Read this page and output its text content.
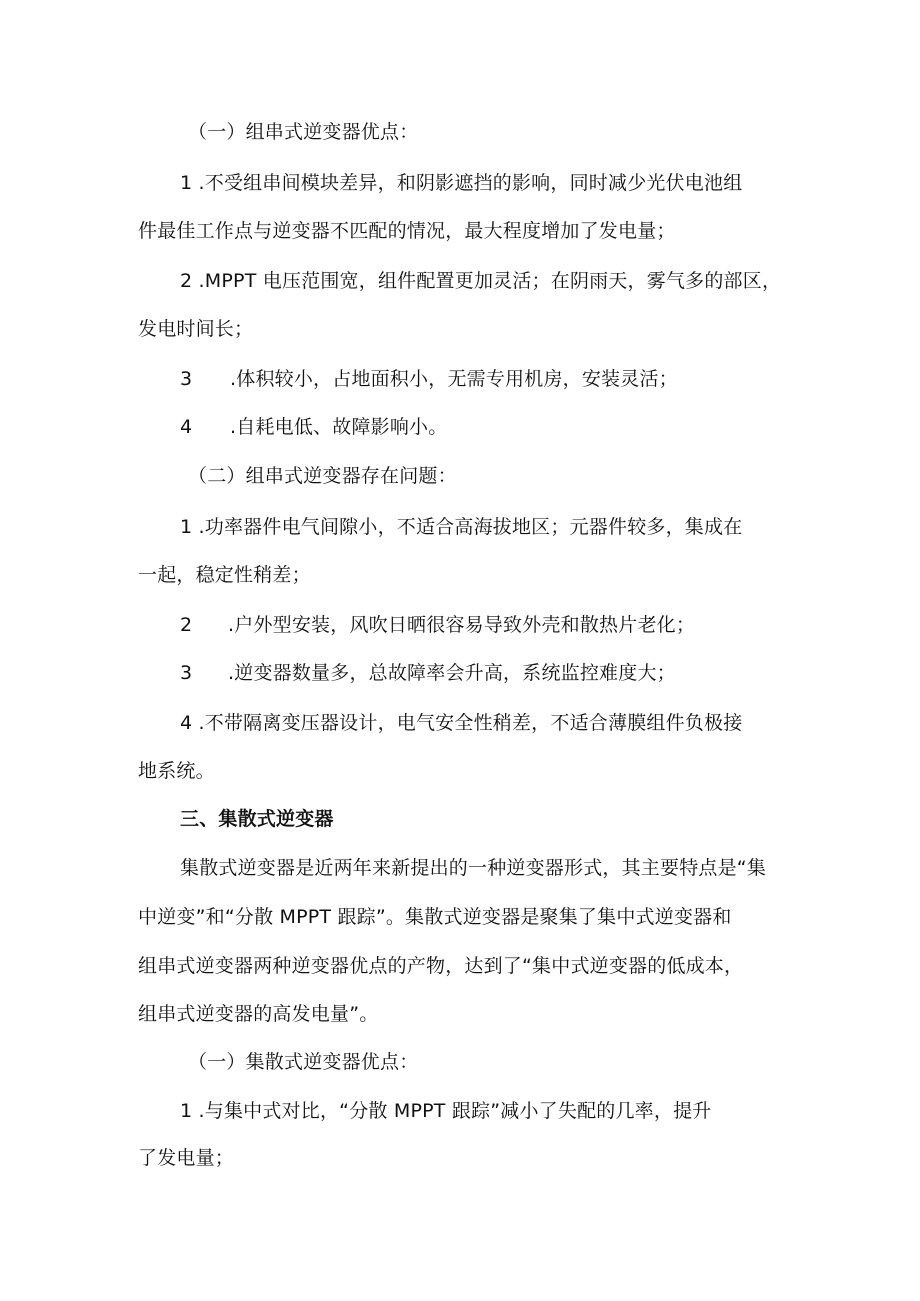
（一）组串式逆变器优点：
1 .不受组串间模块差异，和阴影遮挡的影响，同时减少光伏电池组
件最佳工作点与逆变器不匹配的情况，最大程度增加了发电量；
2 .MPPT 电压范围宽，组件配置更加灵活；在阴雨天，雾气多的部区，
发电时间长；
3 .体积较小，占地面积小，无需专用机房，安装灵活；
4 .自耗电低、故障影响小。
（二）组串式逆变器存在问题：
1 .功率器件电气间隙小，不适合高海拔地区；元器件较多，集成在
一起，稳定性稍差；
2 .户外型安装，风吹日晒很容易导致外壳和散热片老化；
3 .逆变器数量多，总故障率会升高，系统监控难度大；
4 .不带隔离变压器设计，电气安全性稍差，不适合薄膜组件负极接
地系统。
三、集散式逆变器
集散式逆变器是近两年来新提出的一种逆变器形式，其主要特点是“集
中逆变”和“分散 MPPT 跟踪”。集散式逆变器是聚集了集中式逆变器和
组串式逆变器两种逆变器优点的产物，达到了“集中式逆变器的低成本，
组串式逆变器的高发电量”。
（一）集散式逆变器优点：
1 .与集中式对比，“分散 MPPT 跟踪”减小了失配的几率，提升
了发电量；
